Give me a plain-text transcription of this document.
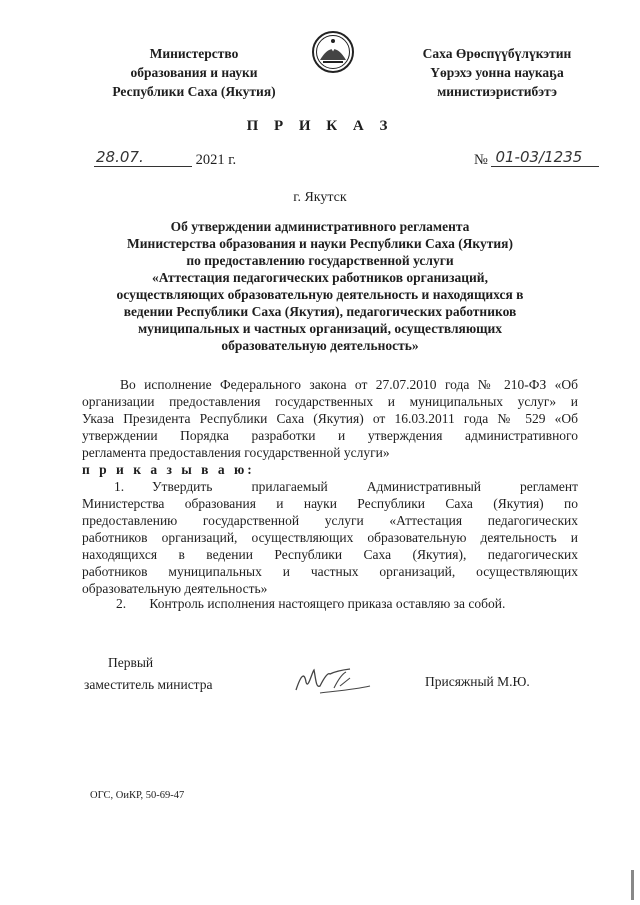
Министерство
образования и науки
Республики Саха (Якутия)
Саха Өрөспүүбүлүкэтин
Үөрэхэ уонна наукаҕа
министиэристибэтэ
П Р И К А З
28.07.	2021 г.	№ 01-03/1235
г. Якутск
Об утверждении административного регламента
Министерства образования и науки Республики Саха (Якутия)
по предоставлению государственной услуги
«Аттестация педагогических работников организаций,
осуществляющих образовательную деятельность и находящихся в
ведении Республики Саха (Якутия), педагогических работников
муниципальных и частных организаций, осуществляющих
образовательную деятельность»
Во исполнение Федерального закона от 27.07.2010 года № 210-ФЗ «Об
организации предоставления государственных и муниципальных услуг» и
Указа Президента Республики Саха (Якутия) от 16.03.2011 года № 529 «Об
утверждении Порядка разработки и утверждения административного
регламента предоставления государственной услуги»
п р и к а з ы в а ю:
1.	Утвердить прилагаемый Административный регламент
Министерства образования и науки Республики Саха (Якутия) по
предоставлению государственной услуги «Аттестация педагогических
работников организаций, осуществляющих образовательную деятельность и
находящихся в ведении Республики Саха (Якутия), педагогических
работников муниципальных и частных организаций, осуществляющих
образовательную деятельность»
2. Контроль исполнения настоящего приказа оставляю за собой.
Первый
заместитель министра	Присяжный М.Ю.
ОГС, ОиКР, 50-69-47
